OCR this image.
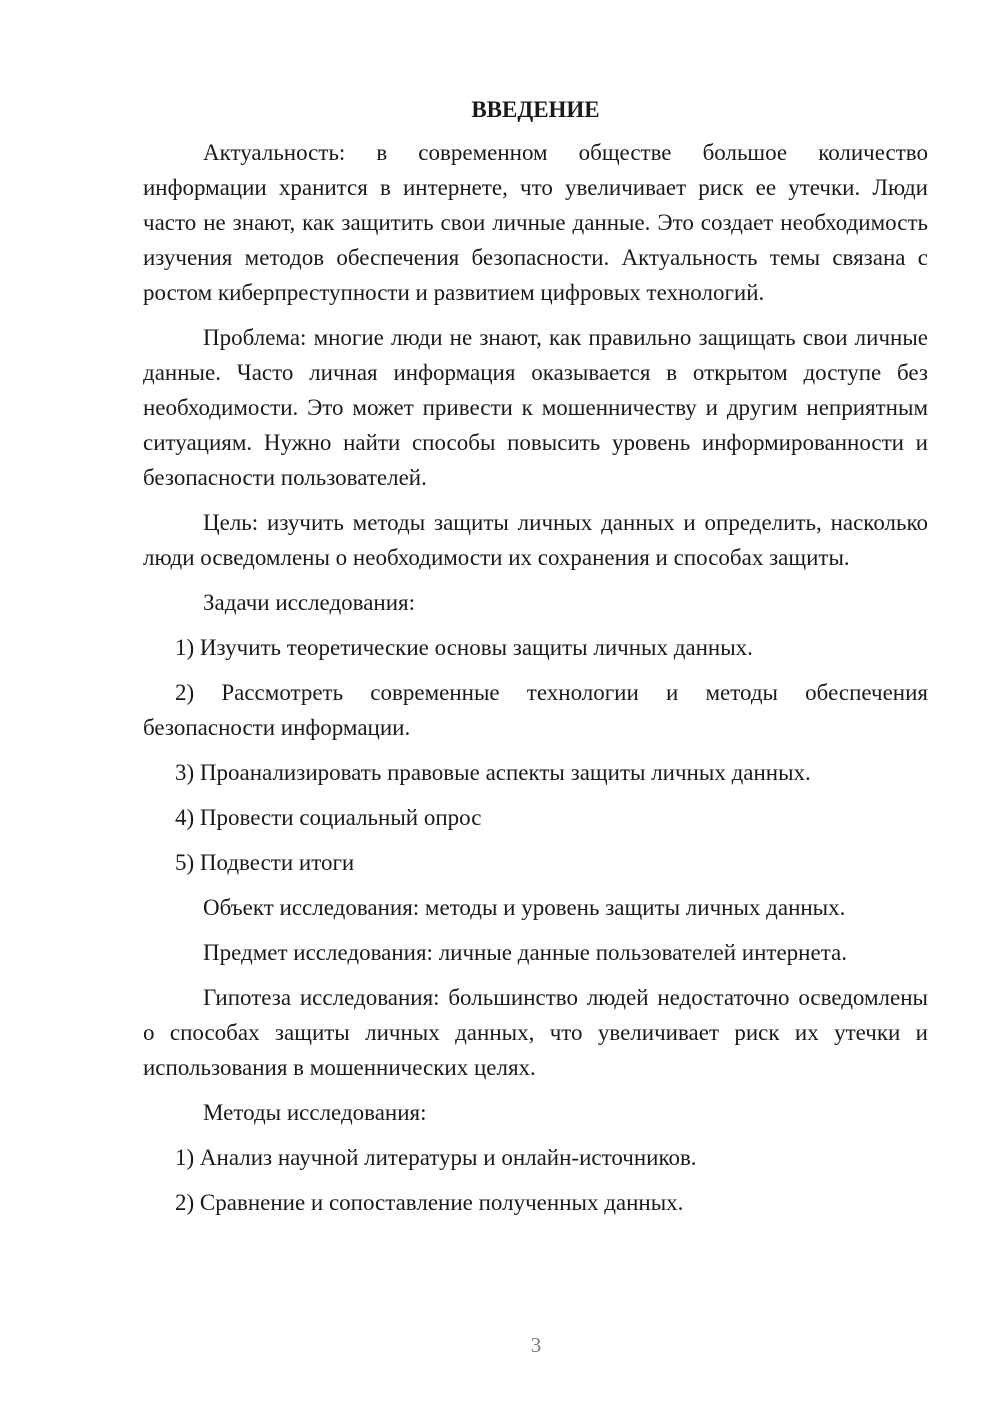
ВВЕДЕНИЕ

Актуальность: в современном обществе большое количество информации хранится в интернете, что увеличивает риск ее утечки. Люди часто не знают, как защитить свои личные данные. Это создает необходимость изучения методов обеспечения безопасности. Актуальность темы связана с ростом киберпреступности и развитием цифровых технологий.

Проблема: многие люди не знают, как правильно защищать свои личные данные. Часто личная информация оказывается в открытом доступе без необходимости. Это может привести к мошенничеству и другим неприятным ситуациям. Нужно найти способы повысить уровень информированности и безопасности пользователей.

Цель: изучить методы защиты личных данных и определить, насколько люди осведомлены о необходимости их сохранения и способах защиты.

Задачи исследования:

1) Изучить теоретические основы защиты личных данных.

2) Рассмотреть современные технологии и методы обеспечения безопасности информации.

3) Проанализировать правовые аспекты защиты личных данных.

4) Провести социальный опрос

5) Подвести итоги

Объект исследования: методы и уровень защиты личных данных.

Предмет исследования: личные данные пользователей интернета.

Гипотеза исследования: большинство людей недостаточно осведомлены о способах защиты личных данных, что увеличивает риск их утечки и использования в мошеннических целях.

Методы исследования:

1) Анализ научной литературы и онлайн-источников.

2) Сравнение и сопоставление полученных данных.

3
